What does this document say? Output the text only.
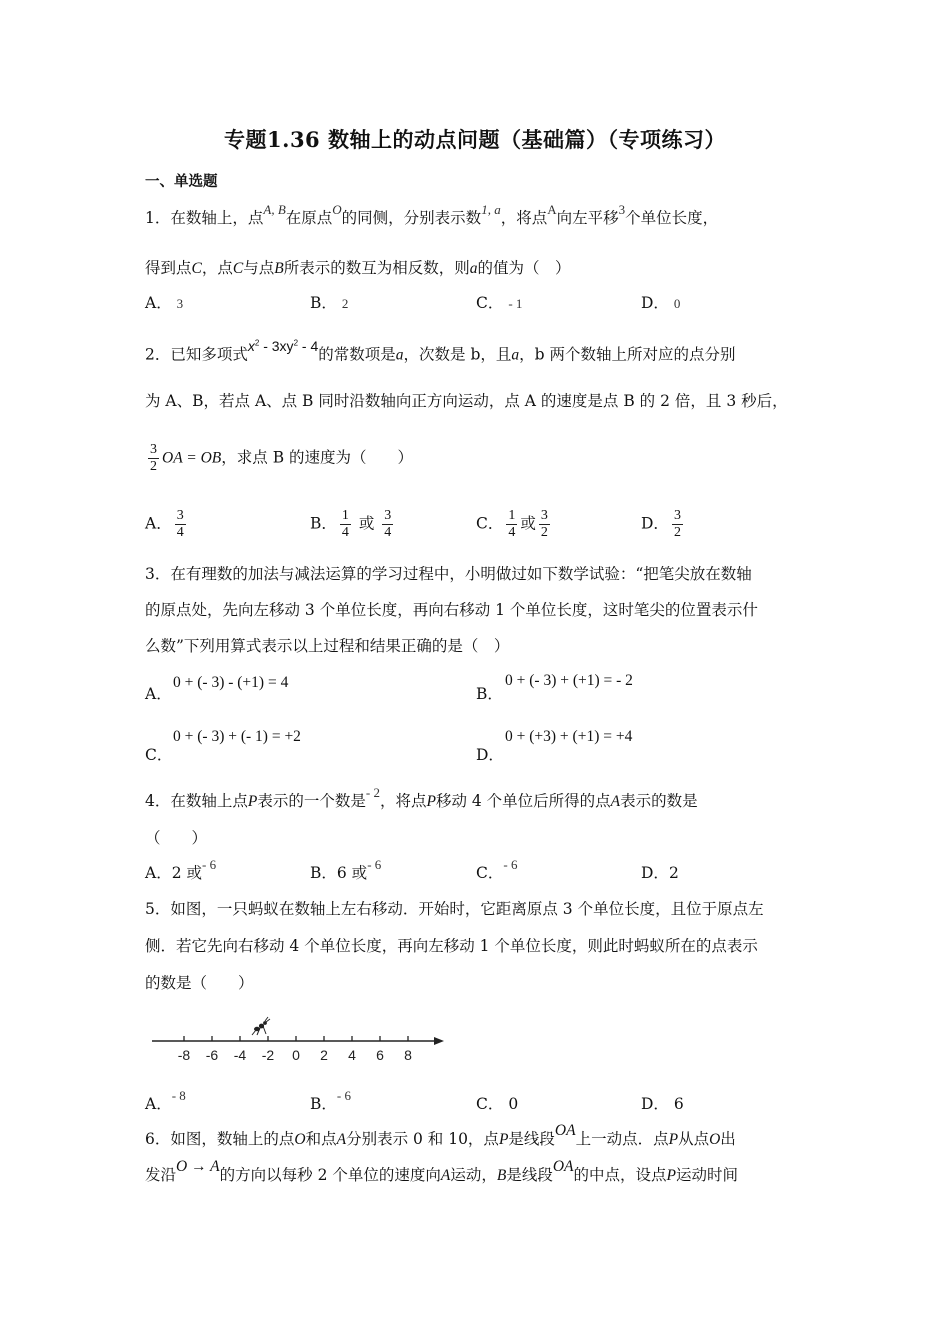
专题1.36 数轴上的动点问题（基础篇）（专项练习）
一、单选题
1．在数轴上，点$^{A, B}$在原点$^O$的同侧，分别表示数$^{1, a}$，将点$^A$向左平移$^3$个单位长度，
得到点C，点C与点B所表示的数互为相反数，则a的值为（　）
A． 3	B． 2	C． - 1	D． 0
2．已知多项式$x^2 - 3xy^2 - 4$的常数项是a，次数是 b，且a，b 两个数轴上所对应的点分别
为 A、B，若点 A、点 B 同时沿数轴向正方向运动，点 A 的速度是点 B 的 2 倍，且 3 秒后，
$\frac{3}{2}$ OA = OB，求点 B 的速度为（　　）
A． $\frac{3}{4}$	B． $\frac{1}{4}$ 或 $\frac{3}{4}$	C． $\frac{1}{4}$ 或 $\frac{3}{2}$	D． $\frac{3}{2}$
3．在有理数的加法与减法运算的学习过程中，小明做过如下数学试验：“把笔尖放在数轴
的原点处，先向左移动 3 个单位长度，再向右移动 1 个单位长度，这时笔尖的位置表示什
么数”下列用算式表示以上过程和结果正确的是（　）
A．
0 + (- 3) - (+1) = 4
B．
0 + (- 3) + (+1) = - 2
C．
0 + (- 3) + (- 1) = +2
D．
0 + (+3) + (+1) = +4
4．在数轴上点P表示的一个数是$^{- 2}$，将点P移动 4 个单位后所得的点A表示的数是
（　　）
A．2 或$^{- 6}$	B．6 或$^{- 6}$	C．$^{- 6}$	D．2
5．如图，一只蚂蚁在数轴上左右移动．开始时，它距离原点 3 个单位长度，且位于原点左
侧．若它先向右移动 4 个单位长度，再向左移动 1 个单位长度，则此时蚂蚁所在的点表示
的数是（　　）
-8 -6 -4 -2 0 2 4 6 8
A．$^{- 8}$	B．$^{- 6}$	C． 0	D． 6
6．如图，数轴上的点O和点A分别表示 0 和 10，点P是线段OA上一动点．点P从点O出
发沿O → A的方向以每秒 2 个单位的速度向A运动，B是线段OA的中点，设点P运动时间
